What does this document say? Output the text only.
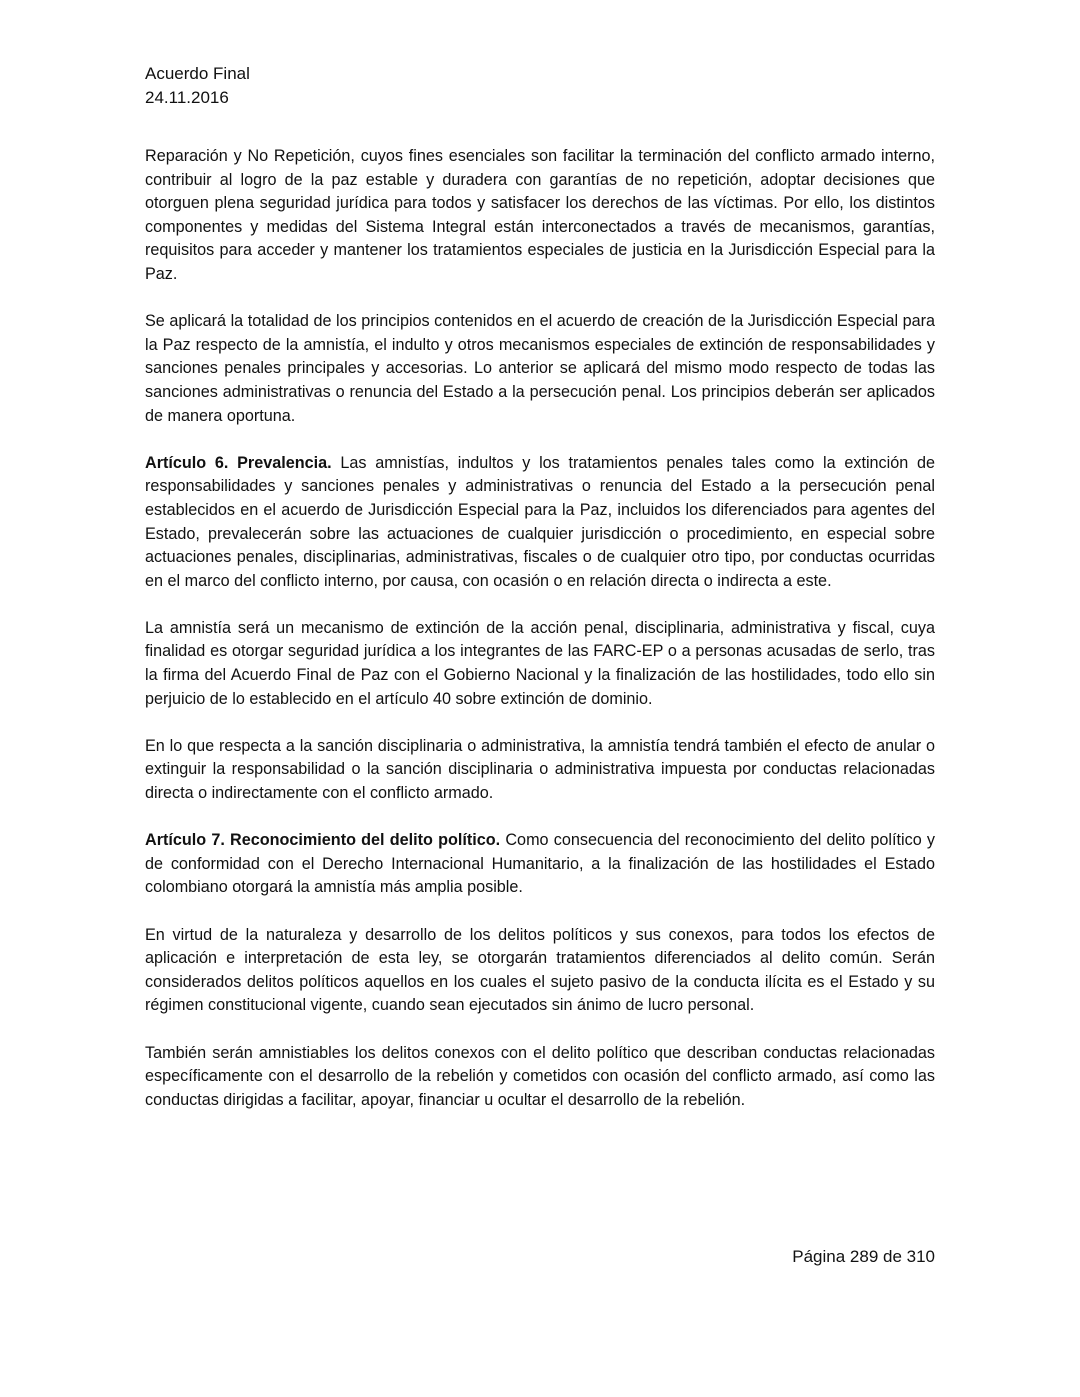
Acuerdo Final
24.11.2016

Reparación y No Repetición, cuyos fines esenciales son facilitar la terminación del conflicto armado interno, contribuir al logro de la paz estable y duradera con garantías de no repetición, adoptar decisiones que otorguen plena seguridad jurídica para todos y satisfacer los derechos de las víctimas. Por ello, los distintos componentes y medidas del Sistema Integral están interconectados a través de mecanismos, garantías, requisitos para acceder y mantener los tratamientos especiales de justicia en la Jurisdicción Especial para la Paz.

Se aplicará la totalidad de los principios contenidos en el acuerdo de creación de la Jurisdicción Especial para la Paz respecto de la amnistía, el indulto y otros mecanismos especiales de extinción de responsabilidades y sanciones penales principales y accesorias. Lo anterior se aplicará del mismo modo respecto de todas las sanciones administrativas o renuncia del Estado a la persecución penal. Los principios deberán ser aplicados de manera oportuna.

Artículo 6. Prevalencia. Las amnistías, indultos y los tratamientos penales tales como la extinción de responsabilidades y sanciones penales y administrativas o renuncia del Estado a la persecución penal establecidos en el acuerdo de Jurisdicción Especial para la Paz, incluidos los diferenciados para agentes del Estado, prevalecerán sobre las actuaciones de cualquier jurisdicción o procedimiento, en especial sobre actuaciones penales, disciplinarias, administrativas, fiscales o de cualquier otro tipo, por conductas ocurridas en el marco del conflicto interno, por causa, con ocasión o en relación directa o indirecta a este.

La amnistía será un mecanismo de extinción de la acción penal, disciplinaria, administrativa y fiscal, cuya finalidad es otorgar seguridad jurídica a los integrantes de las FARC-EP o a personas acusadas de serlo, tras la firma del Acuerdo Final de Paz con el Gobierno Nacional y la finalización de las hostilidades, todo ello sin perjuicio de lo establecido en el artículo 40 sobre extinción de dominio.

En lo que respecta a la sanción disciplinaria o administrativa, la amnistía tendrá también el efecto de anular o extinguir la responsabilidad o la sanción disciplinaria o administrativa impuesta por conductas relacionadas directa o indirectamente con el conflicto armado.

Artículo 7. Reconocimiento del delito político. Como consecuencia del reconocimiento del delito político y de conformidad con el Derecho Internacional Humanitario, a la finalización de las hostilidades el Estado colombiano otorgará la amnistía más amplia posible.

En virtud de la naturaleza y desarrollo de los delitos políticos y sus conexos, para todos los efectos de aplicación e interpretación de esta ley, se otorgarán tratamientos diferenciados al delito común. Serán considerados delitos políticos aquellos en los cuales el sujeto pasivo de la conducta ilícita es el Estado y su régimen constitucional vigente, cuando sean ejecutados sin ánimo de lucro personal.

También serán amnistiables los delitos conexos con el delito político que describan conductas relacionadas específicamente con el desarrollo de la rebelión y cometidos con ocasión del conflicto armado, así como las conductas dirigidas a facilitar, apoyar, financiar u ocultar el desarrollo de la rebelión.

Página 289 de 310
